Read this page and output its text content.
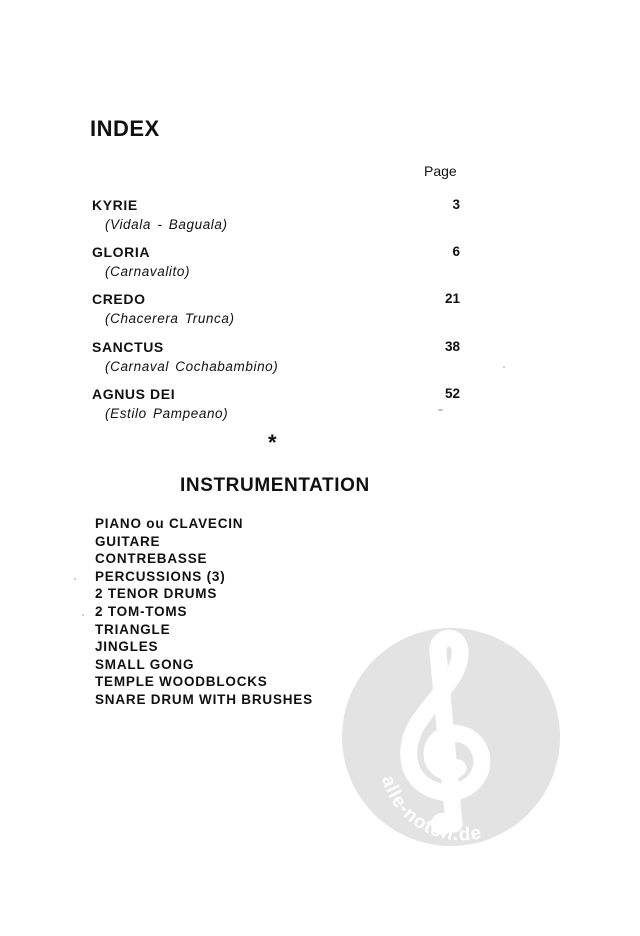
INDEX
Page
KYRIE
(Vidala - Baguala)
3
GLORIA
(Carnavalito)
6
CREDO
(Chacerera Trunca)
21
SANCTUS
(Carnaval Cochabambino)
38
AGNUS DEI
(Estilo Pampeano)
52
*
INSTRUMENTATION
PIANO ou CLAVECIN
GUITARE
CONTREBASSE
PERCUSSIONS (3)
2 TENOR DRUMS
2 TOM-TOMS
TRIANGLE
JINGLES
SMALL GONG
TEMPLE WOODBLOCKS
SNARE DRUM WITH BRUSHES
alle-noten.de
